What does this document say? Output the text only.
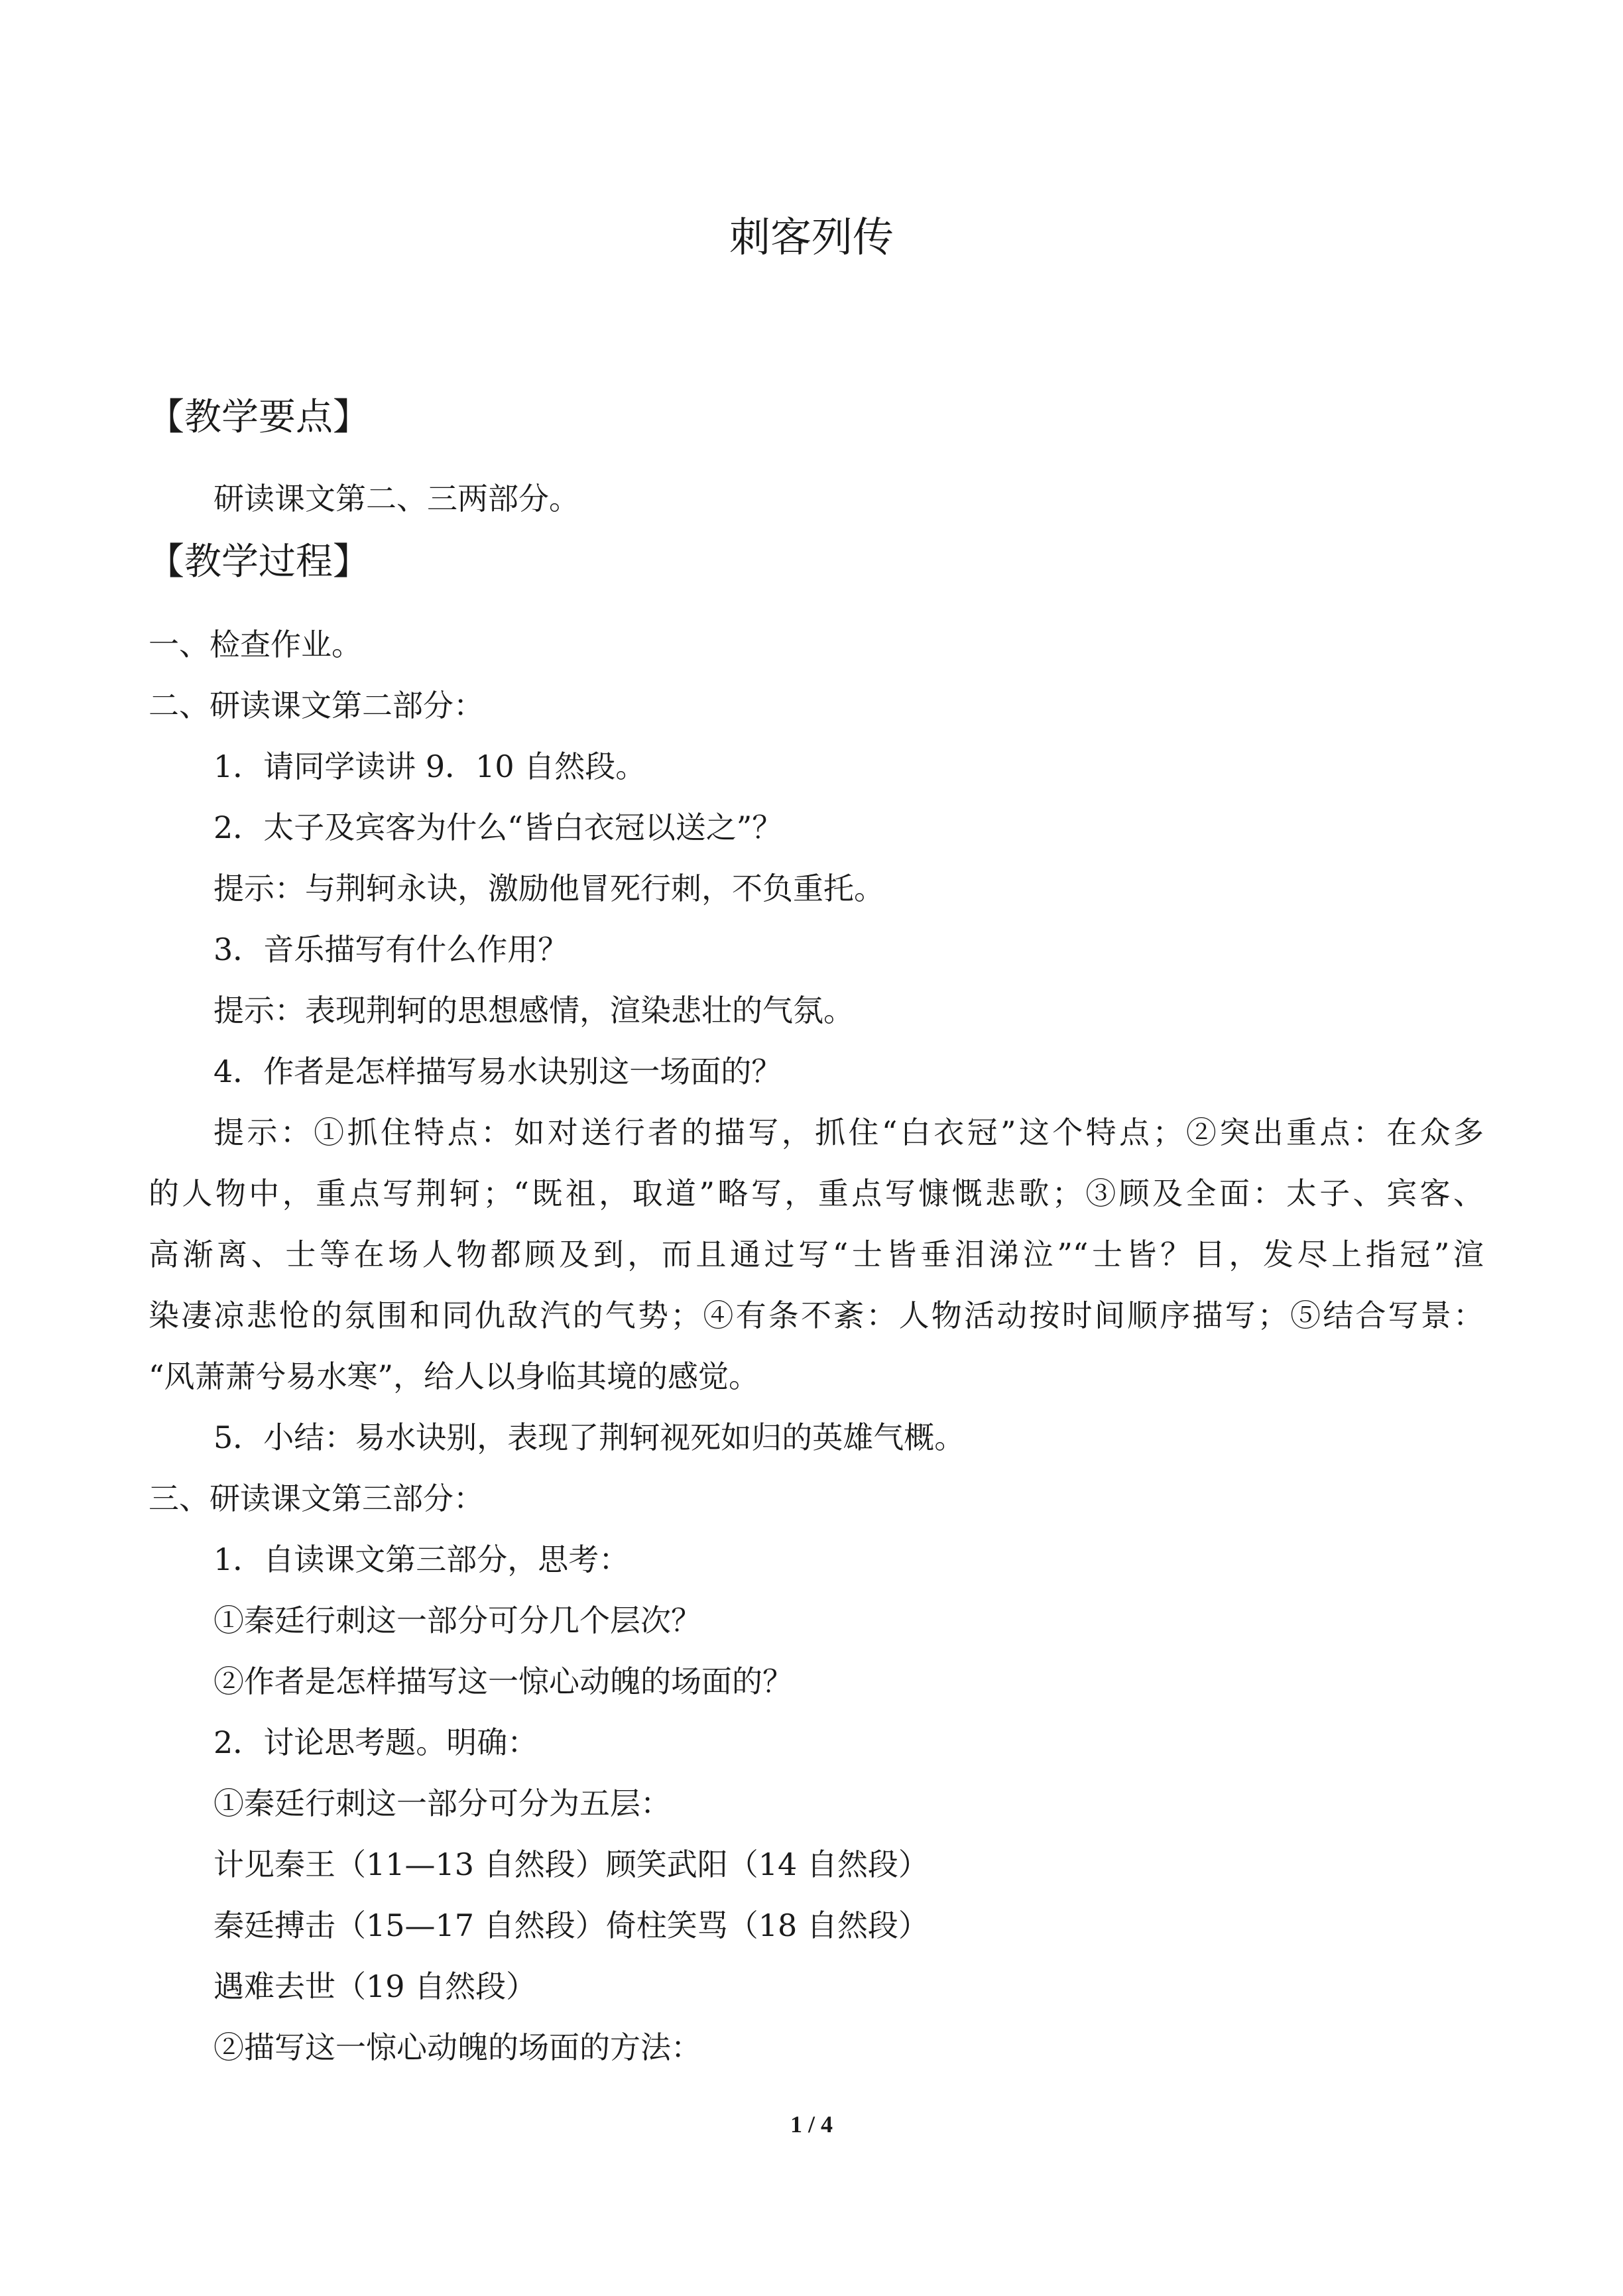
刺客列传
【教学要点】
研读课文第二、三两部分。
【教学过程】
一、检查作业。
二、研读课文第二部分：
1．请同学读讲 9．10 自然段。
2．太子及宾客为什么“皆白衣冠以送之”？
提示：与荆轲永诀，激励他冒死行刺，不负重托。
3．音乐描写有什么作用？
提示：表现荆轲的思想感情，渲染悲壮的气氛。
4．作者是怎样描写易水诀别这一场面的？
提示：①抓住特点：如对送行者的描写，抓住“白衣冠”这个特点；②突出重点：在众多
的人物中，重点写荆轲；“既祖，取道”略写，重点写慷慨悲歌；③顾及全面：太子、宾客、
高渐离、士等在场人物都顾及到，而且通过写“士皆垂泪涕泣”“士皆？目，发尽上指冠”渲
染凄凉悲怆的氛围和同仇敌汽的气势；④有条不紊：人物活动按时间顺序描写；⑤结合写景：
“风萧萧兮易水寒”，给人以身临其境的感觉。
5．小结：易水诀别，表现了荆轲视死如归的英雄气概。
三、研读课文第三部分：
1．自读课文第三部分，思考：
①秦廷行刺这一部分可分几个层次？
②作者是怎样描写这一惊心动魄的场面的？
2．讨论思考题。明确：
①秦廷行刺这一部分可分为五层：
计见秦王（11—13 自然段）顾笑武阳（14 自然段）
秦廷搏击（15—17 自然段）倚柱笑骂（18 自然段）
遇难去世（19 自然段）
②描写这一惊心动魄的场面的方法：
1 / 4
